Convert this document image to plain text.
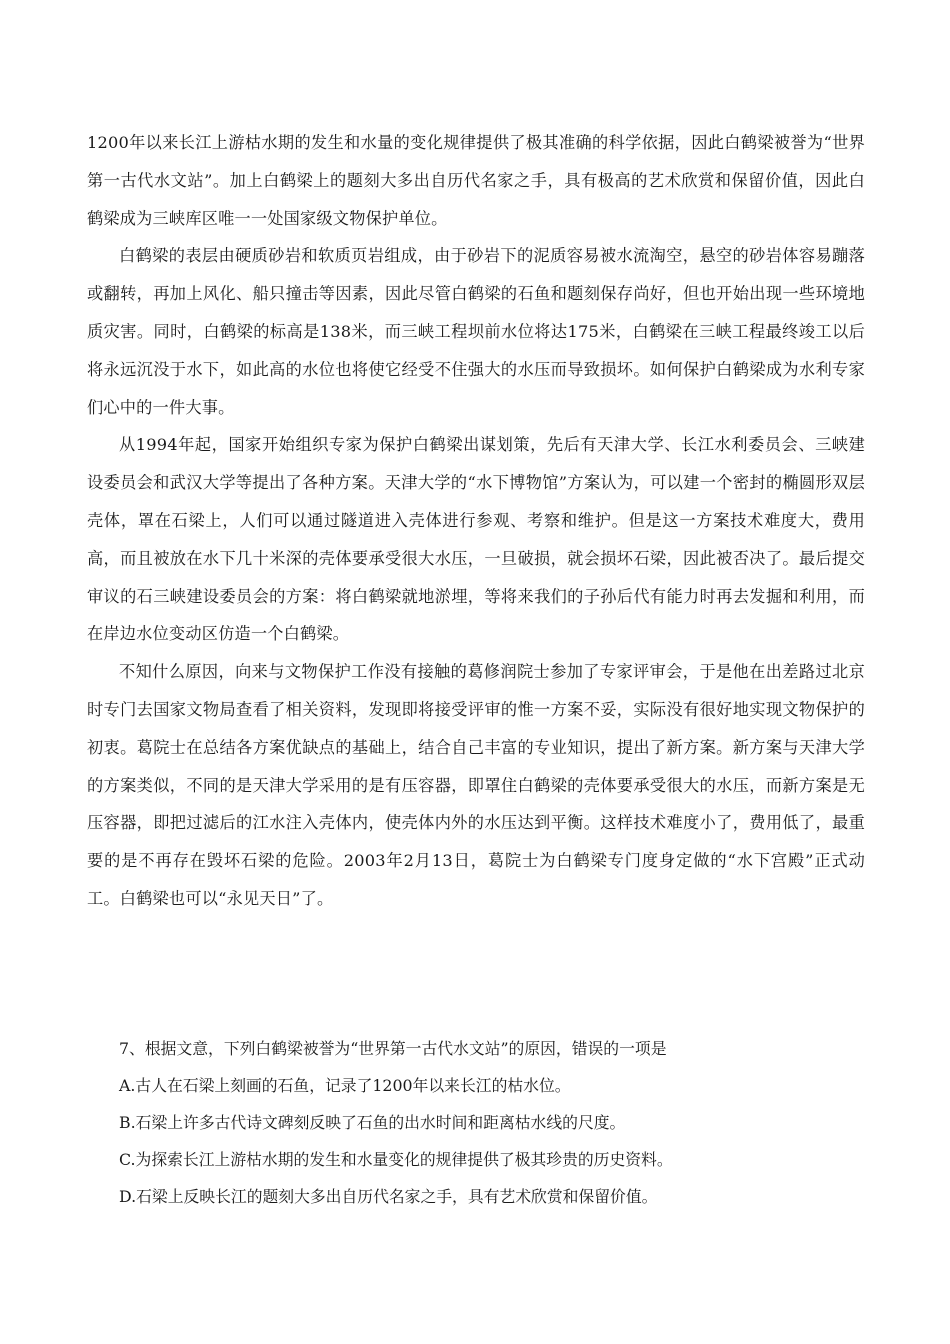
1200年以来长江上游枯水期的发生和水量的变化规律提供了极其准确的科学依据，因此白鹤梁被誉为“世界第一古代水文站”。加上白鹤梁上的题刻大多出自历代名家之手，具有极高的艺术欣赏和保留价值，因此白鹤梁成为三峡库区唯一一处国家级文物保护单位。

白鹤梁的表层由硬质砂岩和软质页岩组成，由于砂岩下的泥质容易被水流淘空，悬空的砂岩体容易蹦落或翻转，再加上风化、船只撞击等因素，因此尽管白鹤梁的石鱼和题刻保存尚好，但也开始出现一些环境地质灾害。同时，白鹤梁的标高是138米，而三峡工程坝前水位将达175米，白鹤梁在三峡工程最终竣工以后将永远沉没于水下，如此高的水位也将使它经受不住强大的水压而导致损坏。如何保护白鹤梁成为水利专家们心中的一件大事。

从1994年起，国家开始组织专家为保护白鹤梁出谋划策，先后有天津大学、长江水利委员会、三峡建设委员会和武汉大学等提出了各种方案。天津大学的“水下博物馆”方案认为，可以建一个密封的椭圆形双层壳体，罩在石梁上，人们可以通过隧道进入壳体进行参观、考察和维护。但是这一方案技术难度大，费用高，而且被放在水下几十米深的壳体要承受很大水压，一旦破损，就会损坏石梁，因此被否决了。最后提交审议的石三峡建设委员会的方案：将白鹤梁就地淤埋，等将来我们的子孙后代有能力时再去发掘和利用，而在岸边水位变动区仿造一个白鹤梁。

不知什么原因，向来与文物保护工作没有接触的葛修润院士参加了专家评审会，于是他在出差路过北京时专门去国家文物局查看了相关资料，发现即将接受评审的惟一方案不妥，实际没有很好地实现文物保护的初衷。葛院士在总结各方案优缺点的基础上，结合自己丰富的专业知识，提出了新方案。新方案与天津大学的方案类似，不同的是天津大学采用的是有压容器，即罩住白鹤梁的壳体要承受很大的水压，而新方案是无压容器，即把过滤后的江水注入壳体内，使壳体内外的水压达到平衡。这样技术难度小了，费用低了，最重要的是不再存在毁坏石梁的危险。2003年2月13日，葛院士为白鹤梁专门度身定做的“水下宫殿”正式动工。白鹤梁也可以“永见天日”了。

7、根据文意，下列白鹤梁被誉为“世界第一古代水文站”的原因，错误的一项是

A.古人在石梁上刻画的石鱼，记录了1200年以来长江的枯水位。

B.石梁上许多古代诗文碑刻反映了石鱼的出水时间和距离枯水线的尺度。

C.为探索长江上游枯水期的发生和水量变化的规律提供了极其珍贵的历史资料。

D.石梁上反映长江的题刻大多出自历代名家之手，具有艺术欣赏和保留价值。
